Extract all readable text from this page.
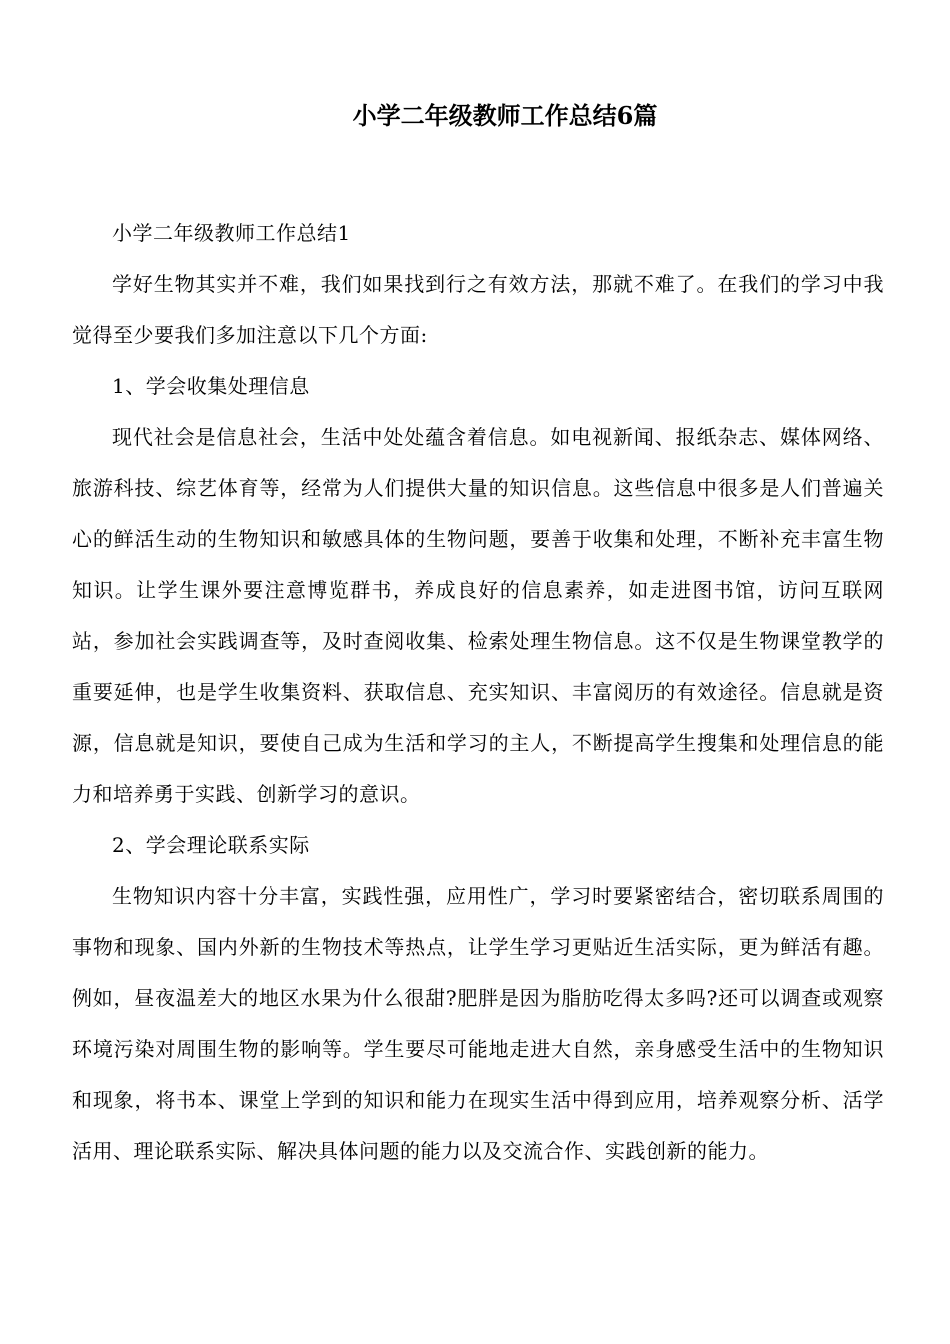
小学二年级教师工作总结6篇

小学二年级教师工作总结1

学好生物其实并不难，我们如果找到行之有效方法，那就不难了。在我们的学习中我觉得至少要我们多加注意以下几个方面:

1、学会收集处理信息

现代社会是信息社会，生活中处处蕴含着信息。如电视新闻、报纸杂志、媒体网络、旅游科技、综艺体育等，经常为人们提供大量的知识信息。这些信息中很多是人们普遍关心的鲜活生动的生物知识和敏感具体的生物问题，要善于收集和处理，不断补充丰富生物知识。让学生课外要注意博览群书，养成良好的信息素养，如走进图书馆，访问互联网站，参加社会实践调查等，及时查阅收集、检索处理生物信息。这不仅是生物课堂教学的重要延伸，也是学生收集资料、获取信息、充实知识、丰富阅历的有效途径。信息就是资源，信息就是知识，要使自己成为生活和学习的主人，不断提高学生搜集和处理信息的能力和培养勇于实践、创新学习的意识。

2、学会理论联系实际

生物知识内容十分丰富，实践性强，应用性广，学习时要紧密结合，密切联系周围的事物和现象、国内外新的生物技术等热点，让学生学习更贴近生活实际，更为鲜活有趣。例如，昼夜温差大的地区水果为什么很甜?肥胖是因为脂肪吃得太多吗?还可以调查或观察环境污染对周围生物的影响等。学生要尽可能地走进大自然，亲身感受生活中的生物知识和现象，将书本、课堂上学到的知识和能力在现实生活中得到应用，培养观察分析、活学活用、理论联系实际、解决具体问题的能力以及交流合作、实践创新的能力。
